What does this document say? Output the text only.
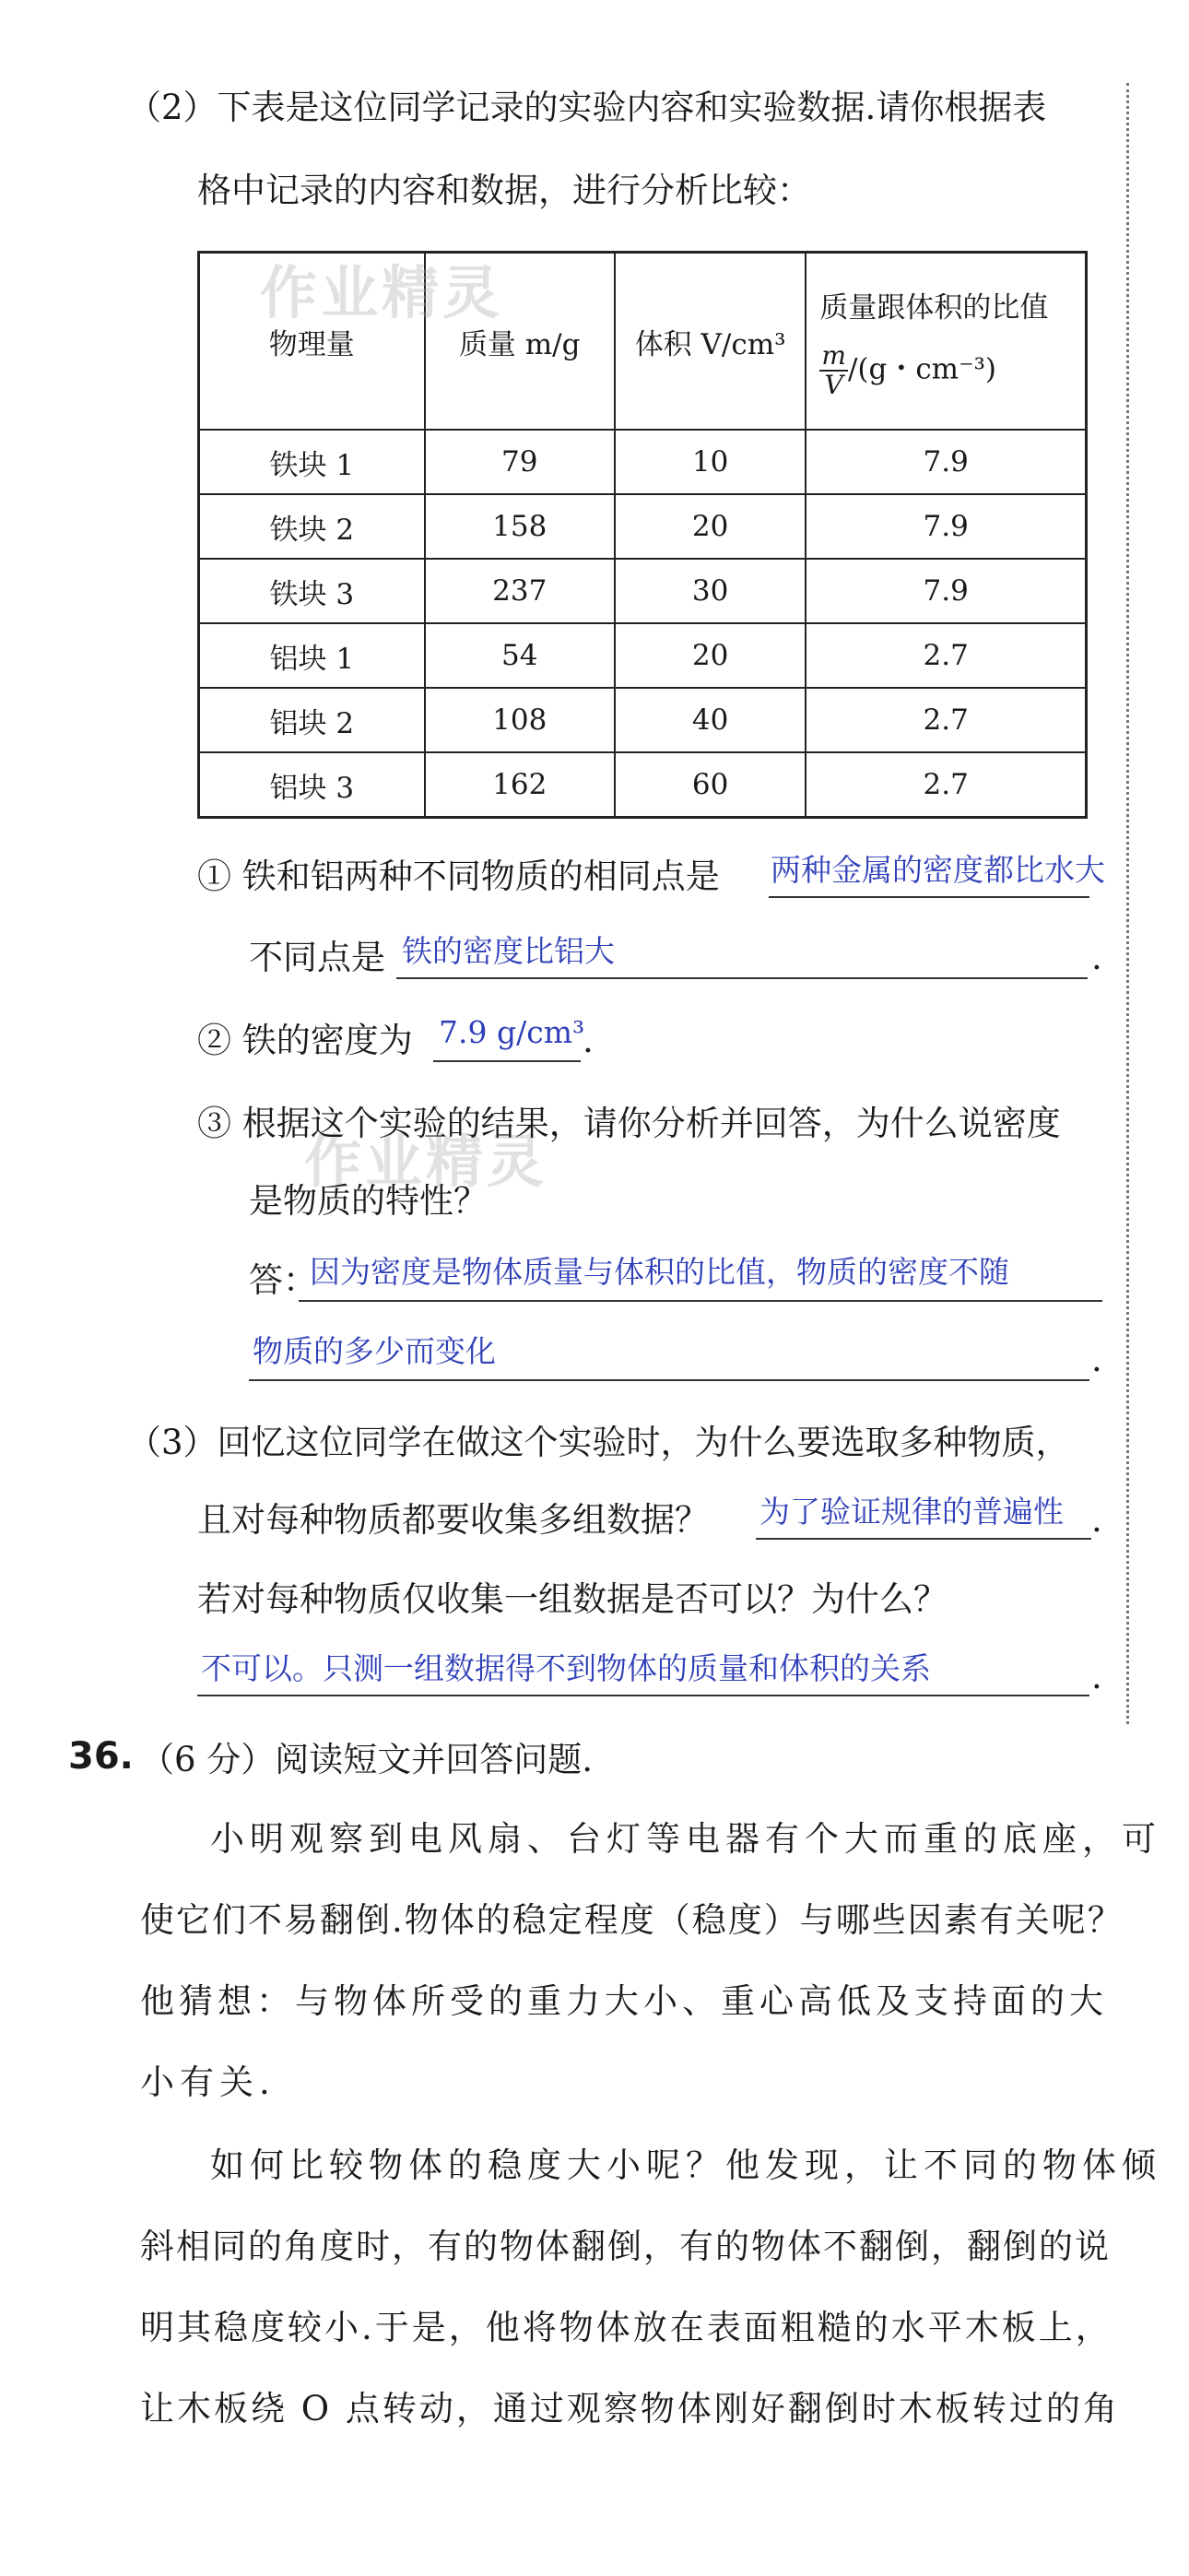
（2）下表是这位同学记录的实验内容和实验数据.请你根据表
格中记录的内容和数据，进行分析比较：
物理量	质量 m/g	体积 V/cm³	质量跟体积的比值
$\frac{m}{V} /(g$・cm⁻³)

铁块 1	79	10	7.9
铁块 2	158	20	7.9
铁块 3	237	30	7.9
铝块 1	54	20	2.7
铝块 2	108	40	2.7
铝块 3	162	60	2.7
作业精灵
作业精灵
① 铁和铝两种不同物质的相同点是 两种金属的密度都比水大
不同点是 铁的密度比铝大	.
② 铁的密度为 7.9 g/cm³
.
③ 根据这个实验的结果，请你分析并回答，为什么说密度
是物质的特性？
答：
因为密度是物体质量与体积的比值，物质的密度不随
物质的多少而变化	.
（3）回忆这位同学在做这个实验时，为什么要选取多种物质，
且对每种物质都要收集多组数据？ 为了验证规律的普遍性 .
若对每种物质仅收集一组数据是否可以？为什么？
不可以。只测一组数据得不到物体的质量和体积的关系	.
36. （6 分）阅读短文并回答问题.
小明观察到电风扇、台灯等电器有个大而重的底座，可
使它们不易翻倒.物体的稳定程度（稳度）与哪些因素有关呢？
他猜想：与物体所受的重力大小、重心高低及支持面的大
小有关.
如何比较物体的稳度大小呢？他发现，让不同的物体倾
斜相同的角度时，有的物体翻倒，有的物体不翻倒，翻倒的说
明其稳度较小.于是，他将物体放在表面粗糙的水平木板上，
让木板绕 O 点转动，通过观察物体刚好翻倒时木板转过的角
